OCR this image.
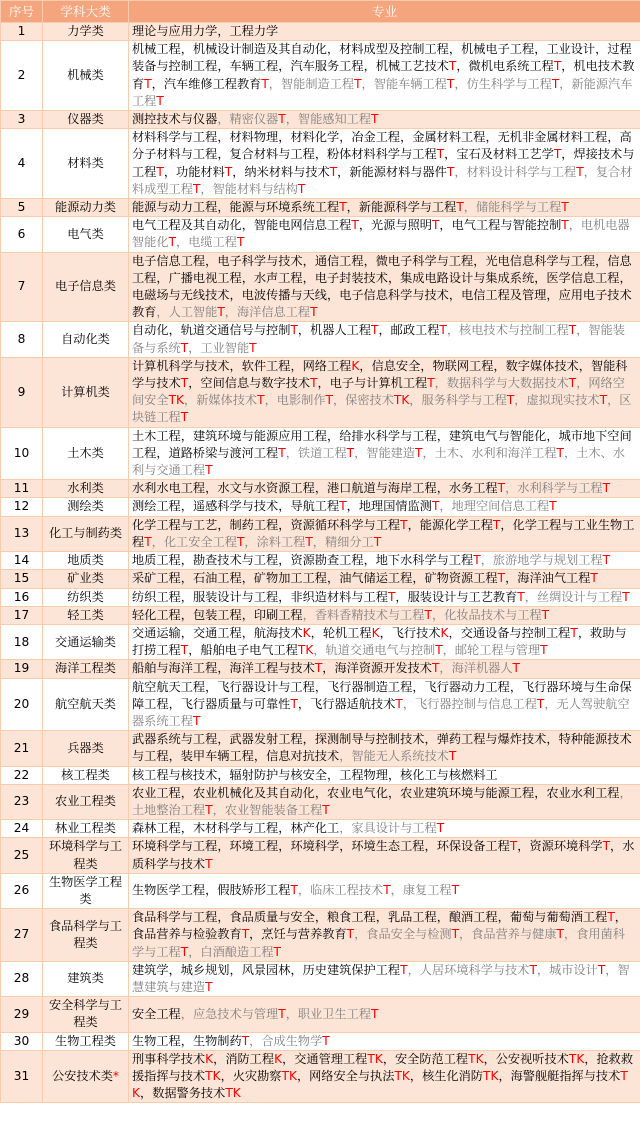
序号	学科大类	专业
1	力学类	理论与应用力学，工程力学
2	机械类	机械工程，机械设计制造及其自动化，材料成型及控制工程，机械电子工程，工业设计，过程装备与控制工程，车辆工程，汽车服务工程，机械工艺技术T，微机电系统工程T，机电技术教育T，汽车维修工程教育T，智能制造工程T，智能车辆工程T，仿生科学与工程T，新能源汽车工程T
3	仪器类	测控技术与仪器，精密仪器T，智能感知工程T
4	材料类	材料科学与工程，材料物理，材料化学，冶金工程，金属材料工程，无机非金属材料工程，高分子材料与工程，复合材料与工程，粉体材料科学与工程T，宝石及材料工艺学T，焊接技术与工程T，功能材料T，纳米材料与技术T，新能源材料与器件T，材料设计科学与工程T，复合材料成型工程T，智能材料与结构T
5	能源动力类	能源与动力工程，能源与环境系统工程T，新能源科学与工程T，储能科学与工程T
6	电气类	电气工程及其自动化，智能电网信息工程T，光源与照明T，电气工程与智能控制T，电机电器智能化T，电缆工程T
7	电子信息类	电子信息工程，电子科学与技术，通信工程，微电子科学与工程，光电信息科学与工程，信息工程，广播电视工程，水声工程，电子封装技术，集成电路设计与集成系统，医学信息工程，电磁场与无线技术，电波传播与天线，电子信息科学与技术，电信工程及管理，应用电子技术教育，人工智能T，海洋信息工程T
8	自动化类	自动化，轨道交通信号与控制T，机器人工程T，邮政工程T，核电技术与控制工程T，智能装备与系统T，工业智能T
9	计算机类	计算机科学与技术，软件工程，网络工程K，信息安全，物联网工程，数字媒体技术，智能科学与技术T，空间信息与数字技术T，电子与计算机工程T，数据科学与大数据技术T，网络空间安全TK，新媒体技术T，电影制作T，保密技术TK，服务科学与工程T，虚拟现实技术T，区块链工程T
10	土木类	土木工程，建筑环境与能源应用工程，给排水科学与工程，建筑电气与智能化，城市地下空间工程，道路桥梁与渡河工程T，铁道工程T，智能建造T，土木、水利和海洋工程T，土木、水利与交通工程T
11	水利类	水利水电工程，水文与水资源工程，港口航道与海岸工程，水务工程T，水利科学与工程T
12	测绘类	测绘工程，遥感科学与技术，导航工程T，地理国情监测T，地理空间信息工程T
13	化工与制药类	化学工程与工艺，制药工程，资源循环科学与工程T，能源化学工程T，化学工程与工业生物工程T，化工安全工程T，涂料工程T，精细分工T
14	地质类	地质工程，勘查技术与工程，资源勘查工程，地下水科学与工程T，旅游地学与规划工程T
15	矿业类	采矿工程，石油工程，矿物加工工程，油气储运工程，矿物资源工程T，海洋油气工程T
16	纺织类	纺织工程，服装设计与工程，非织造材料与工程T，服装设计与工艺教育T，丝绸设计与工程T
17	轻工类	轻化工程，包装工程，印刷工程，香料香精技术与工程T，化妆品技术与工程T
18	交通运输类	交通运输，交通工程，航海技术K，轮机工程K，飞行技术K，交通设备与控制工程T，救助与打捞工程T，船舶电子电气工程TK，轨道交通电气与控制T，邮轮工程与管理T
19	海洋工程类	船舶与海洋工程，海洋工程与技术T，海洋资源开发技术T，海洋机器人T
20	航空航天类	航空航天工程，飞行器设计与工程，飞行器制造工程，飞行器动力工程，飞行器环境与生命保障工程，飞行器质量与可靠性T，飞行器适航技术T，飞行器控制与信息工程T，无人驾驶航空器系统工程T
21	兵器类	武器系统与工程，武器发射工程，探测制导与控制技术，弹药工程与爆炸技术，特种能源技术与工程，装甲车辆工程，信息对抗技术，智能无人系统技术T
22	核工程类	核工程与核技术，辐射防护与核安全，工程物理，核化工与核燃料工
23	农业工程类	农业工程，农业机械化及其自动化，农业电气化，农业建筑环境与能源工程，农业水利工程，土地整治工程T，农业智能装备工程T
24	林业工程类	森林工程，木材科学与工程，林产化工，家具设计与工程T
25	环境科学与工程类	环境科学与工程，环境工程，环境科学，环境生态工程，环保设备工程T，资源环境科学T，水质科学与技术T
26	生物医学工程类	生物医学工程，假肢矫形工程T，临床工程技术T，康复工程T
27	食品科学与工程类	食品科学与工程，食品质量与安全，粮食工程，乳品工程，酿酒工程，葡萄与葡萄酒工程T，食品营养与检验教育T，烹饪与营养教育T，食品安全与检测T，食品营养与健康T，食用菌科学与工程T，白酒酿造工程T
28	建筑类	建筑学，城乡规划，风景园林，历史建筑保护工程T，人居环境科学与技术T，城市设计T，智慧建筑与建造T
29	安全科学与工程类	安全工程，应急技术与管理T，职业卫生工程T
30	生物工程类	生物工程，生物制药T，合成生物学T
31	公安技术类*	刑事科学技术K，消防工程K，交通管理工程TK，安全防范工程TK，公安视听技术TK，抢救救援指挥与技术TK，火灾勘察TK，网络安全与执法TK，核生化消防TK，海警舰艇指挥与技术TK，数据警务技术TK
